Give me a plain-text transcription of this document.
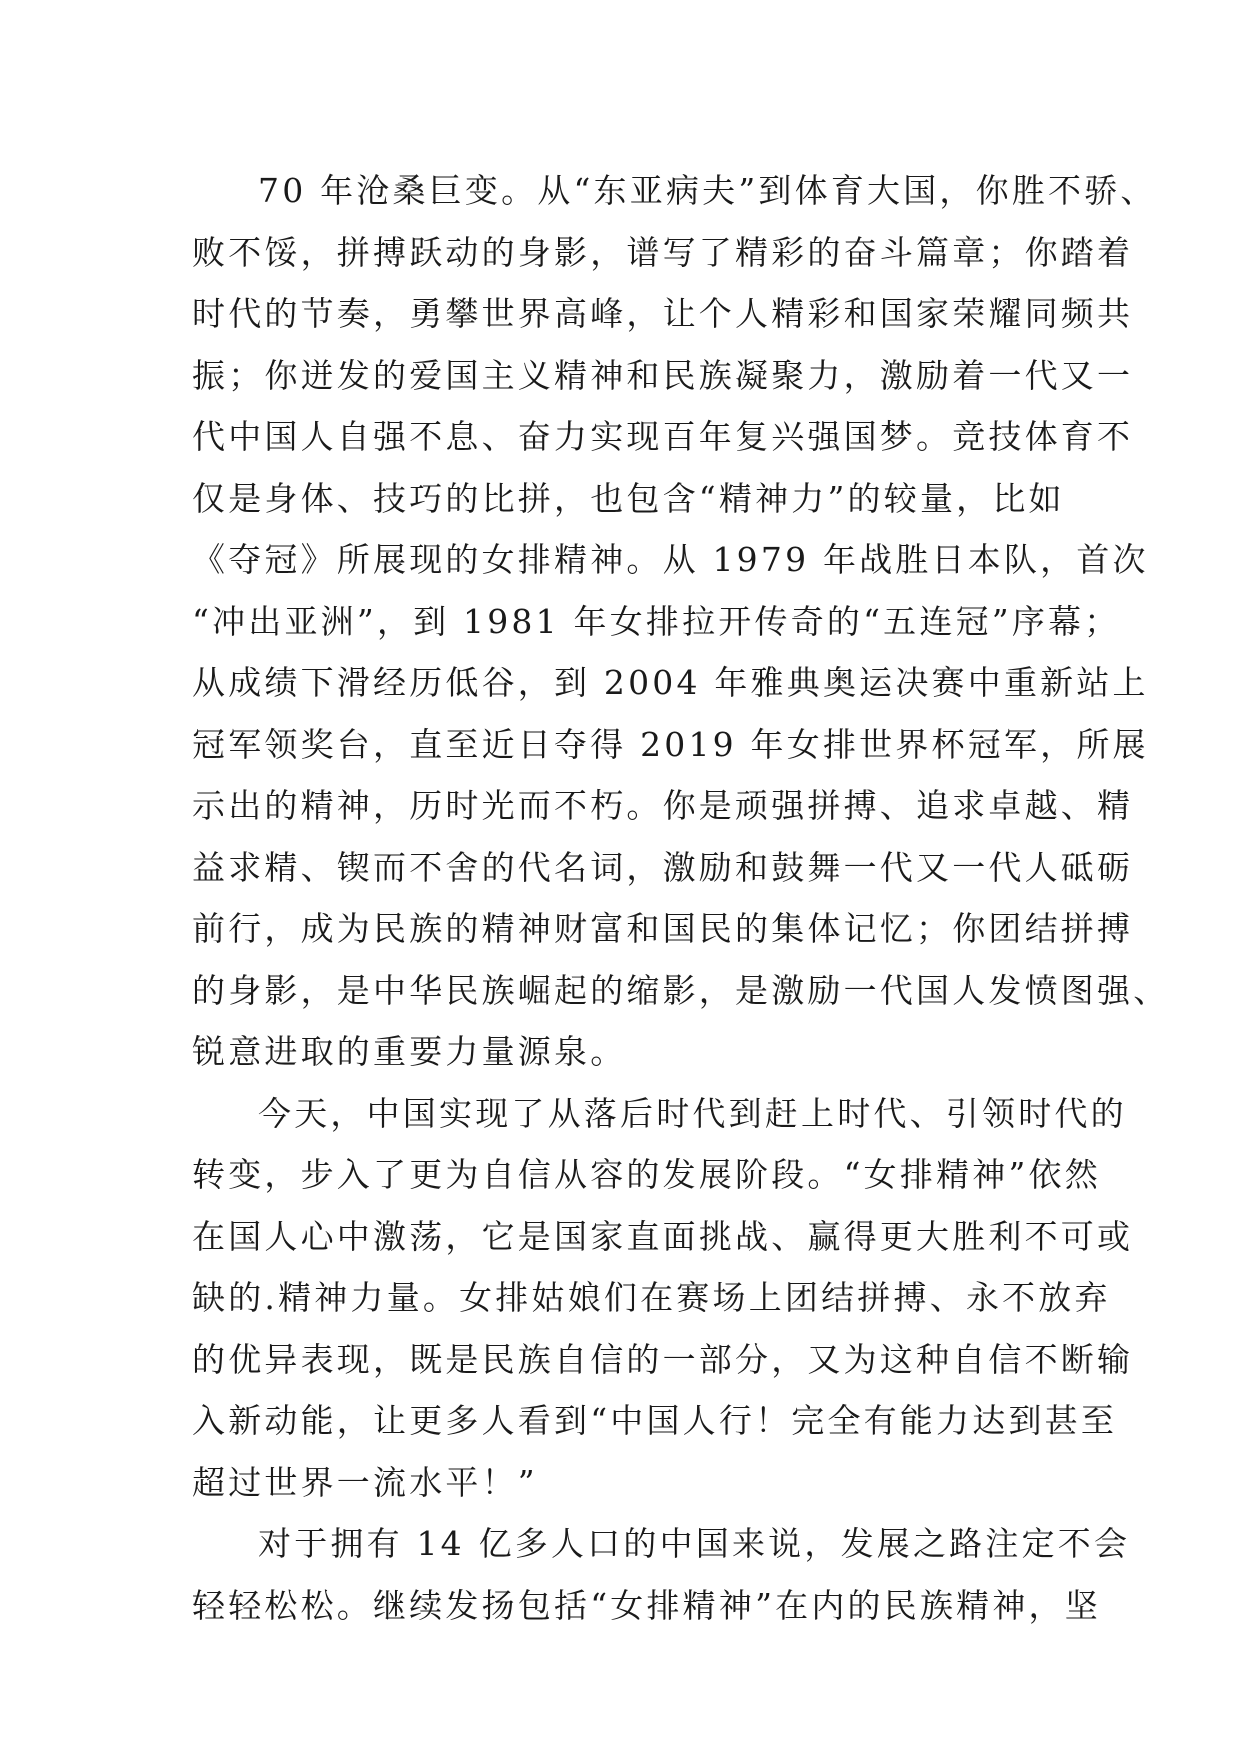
70 年沧桑巨变。从“东亚病夫”到体育大国，你胜不骄、
败不馁，拼搏跃动的身影，谱写了精彩的奋斗篇章；你踏着
时代的节奏，勇攀世界高峰，让个人精彩和国家荣耀同频共
振；你迸发的爱国主义精神和民族凝聚力，激励着一代又一
代中国人自强不息、奋力实现百年复兴强国梦。竞技体育不
仅是身体、技巧的比拼，也包含“精神力”的较量，比如
《夺冠》所展现的女排精神。从 1979 年战胜日本队，首次
“冲出亚洲”，到 1981 年女排拉开传奇的“五连冠”序幕；
从成绩下滑经历低谷，到 2004 年雅典奥运决赛中重新站上
冠军领奖台，直至近日夺得 2019 年女排世界杯冠军，所展
示出的精神，历时光而不朽。你是顽强拼搏、追求卓越、精
益求精、锲而不舍的代名词，激励和鼓舞一代又一代人砥砺
前行，成为民族的精神财富和国民的集体记忆；你团结拼搏
的身影，是中华民族崛起的缩影，是激励一代国人发愤图强、
锐意进取的重要力量源泉。
今天，中国实现了从落后时代到赶上时代、引领时代的
转变，步入了更为自信从容的发展阶段。“女排精神”依然
在国人心中激荡，它是国家直面挑战、赢得更大胜利不可或
缺的.精神力量。女排姑娘们在赛场上团结拼搏、永不放弃
的优异表现，既是民族自信的一部分，又为这种自信不断输
入新动能，让更多人看到“中国人行！完全有能力达到甚至
超过世界一流水平！”
对于拥有 14 亿多人口的中国来说，发展之路注定不会
轻轻松松。继续发扬包括“女排精神”在内的民族精神，坚
